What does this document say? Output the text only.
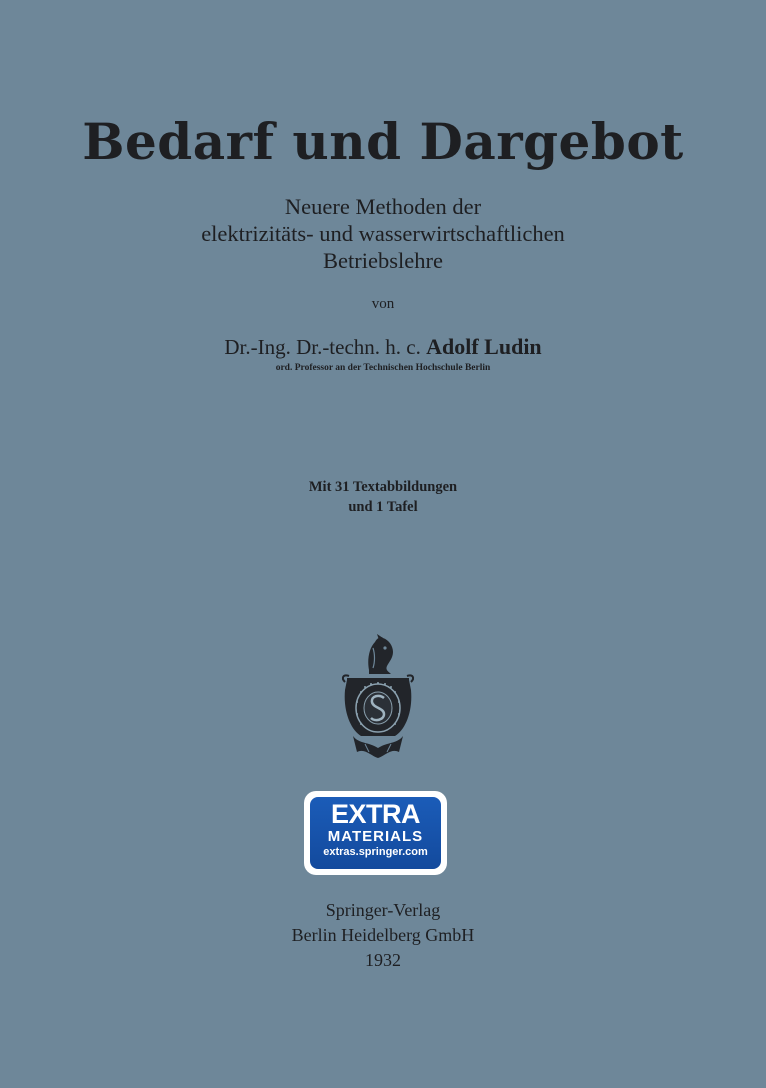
Bedarf und Dargebot
Neuere Methoden der
elektrizitäts- und wasserwirtschaftlichen
Betriebslehre
von
Dr.-Ing. Dr.-techn. h. c. Adolf Ludin
ord. Professor an der Technischen Hochschule Berlin
Mit 31 Textabbildungen
und 1 Tafel
EXTRA
MATERIALS
extras.springer.com
Springer-Verlag
Berlin Heidelberg GmbH
1932
